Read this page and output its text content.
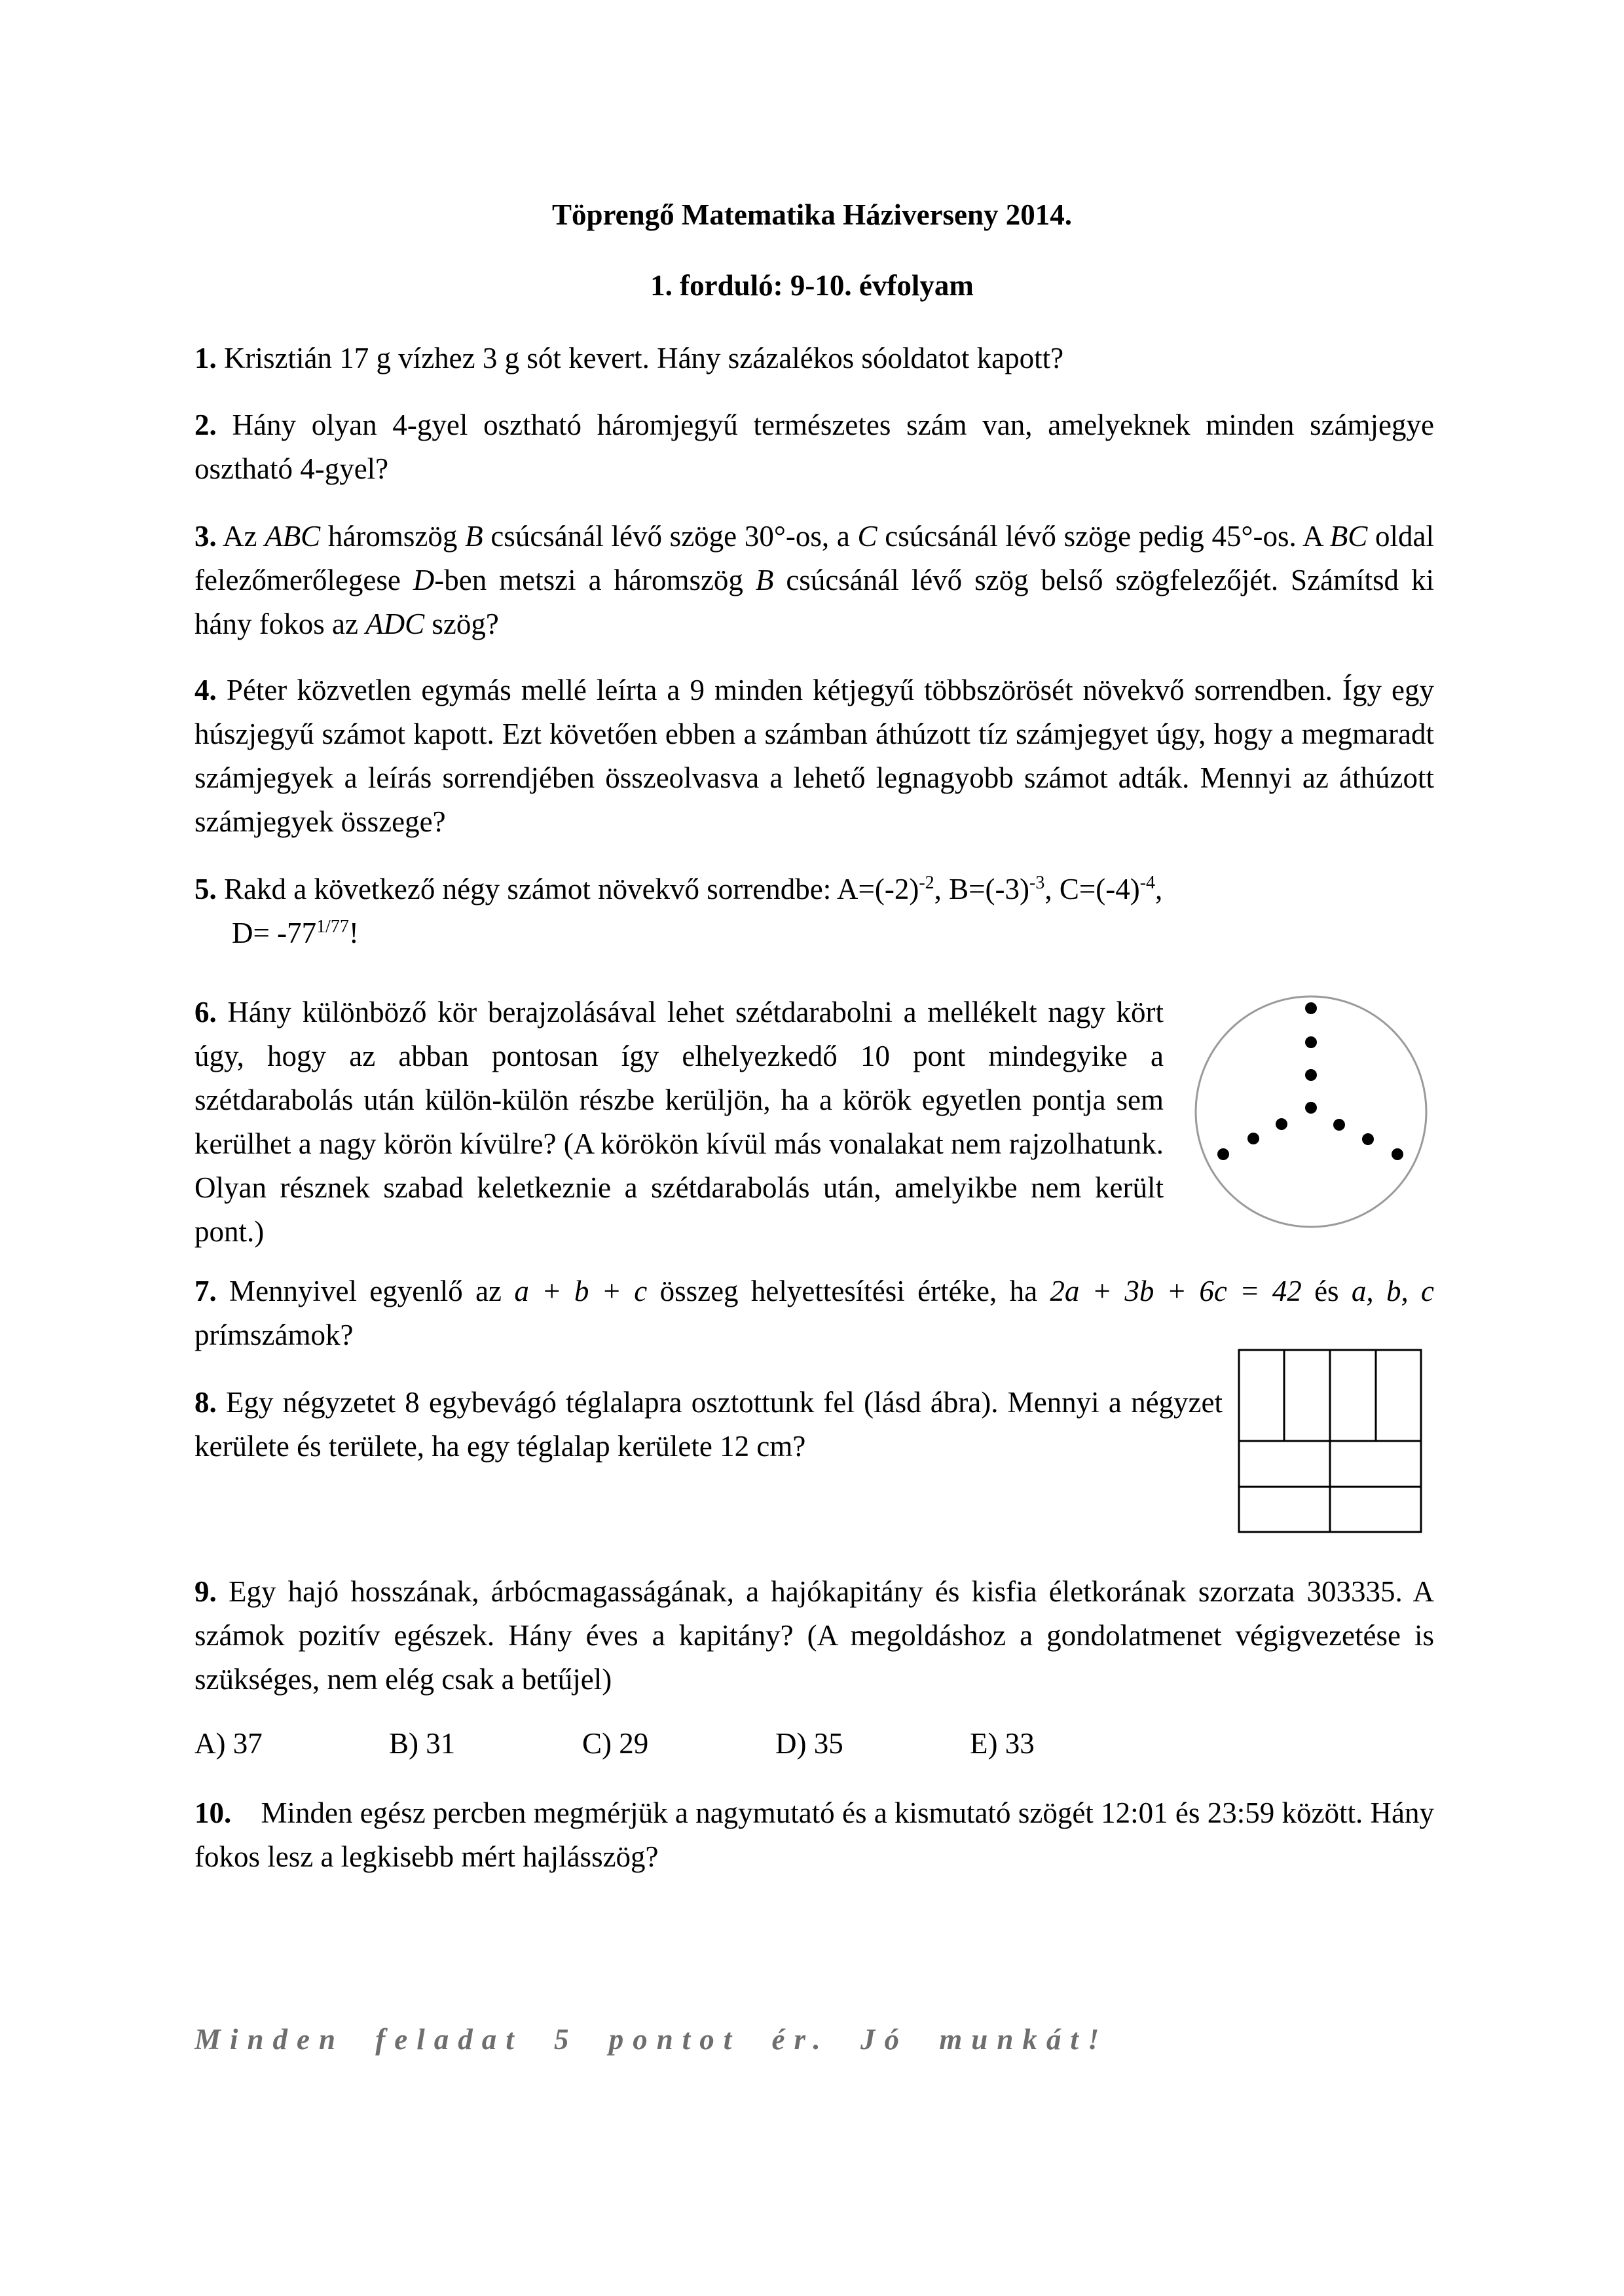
Töprengő Matematika Háziverseny 2014.
1. forduló: 9-10. évfolyam
1. Krisztián 17 g vízhez 3 g sót kevert. Hány százalékos sóoldatot kapott?
2. Hány olyan 4-gyel osztható háromjegyű természetes szám van, amelyeknek minden számjegye osztható 4-gyel?
3. Az ABC háromszög B csúcsánál lévő szöge 30°-os, a C csúcsánál lévő szöge pedig 45°-os. A BC oldal felezőmerőlegese D-ben metszi a háromszög B csúcsánál lévő szög belső szögfelezőjét. Számítsd ki hány fokos az ADC szög?
4. Péter közvetlen egymás mellé leírta a 9 minden kétjegyű többszörösét növekvő sorrendben. Így egy húszjegyű számot kapott. Ezt követően ebben a számban áthúzott tíz számjegyet úgy, hogy a megmaradt számjegyek a leírás sorrendjében összeolvasva a lehető legnagyobb számot adták. Mennyi az áthúzott számjegyek összege?
5. Rakd a következő négy számot növekvő sorrendbe: $A=(-2)^{-2}$, $B=(-3)^{-3}$, $C=(-4)^{-4}$,
$D= -77^{1/77}$!
6. Hány különböző kör berajzolásával lehet szétdarabolni a mellékelt nagy kört úgy, hogy az abban pontosan így elhelyezkedő 10 pont mindegyike a szétdarabolás után külön-külön részbe kerüljön, ha a körök egyetlen pontja sem kerülhet a nagy körön kívülre? (A körökön kívül más vonalakat nem rajzolhatunk. Olyan résznek szabad keletkeznie a szétdarabolás után, amelyikbe nem került pont.)
7. Mennyivel egyenlő az a + b + c összeg helyettesítési értéke, ha 2a + 3b + 6c = 42 és a, b, c prímszámok?
8. Egy négyzetet 8 egybevágó téglalapra osztottunk fel (lásd ábra). Mennyi a négyzet kerülete és területe, ha egy téglalap kerülete 12 cm?
9. Egy hajó hosszának, árbócmagasságának, a hajókapitány és kisfia életkorának szorzata 303335. A számok pozitív egészek. Hány éves a kapitány? (A megoldáshoz a gondolatmenet végigvezetése is szükséges, nem elég csak a betűjel)
A) 37	B) 31	C) 29	D) 35	E) 33
10.    Minden egész percben megmérjük a nagymutató és a kismutató szögét 12:01 és 23:59 között. Hány fokos lesz a legkisebb mért hajlásszög?
Minden feladat 5 pontot ér. Jó munkát!
